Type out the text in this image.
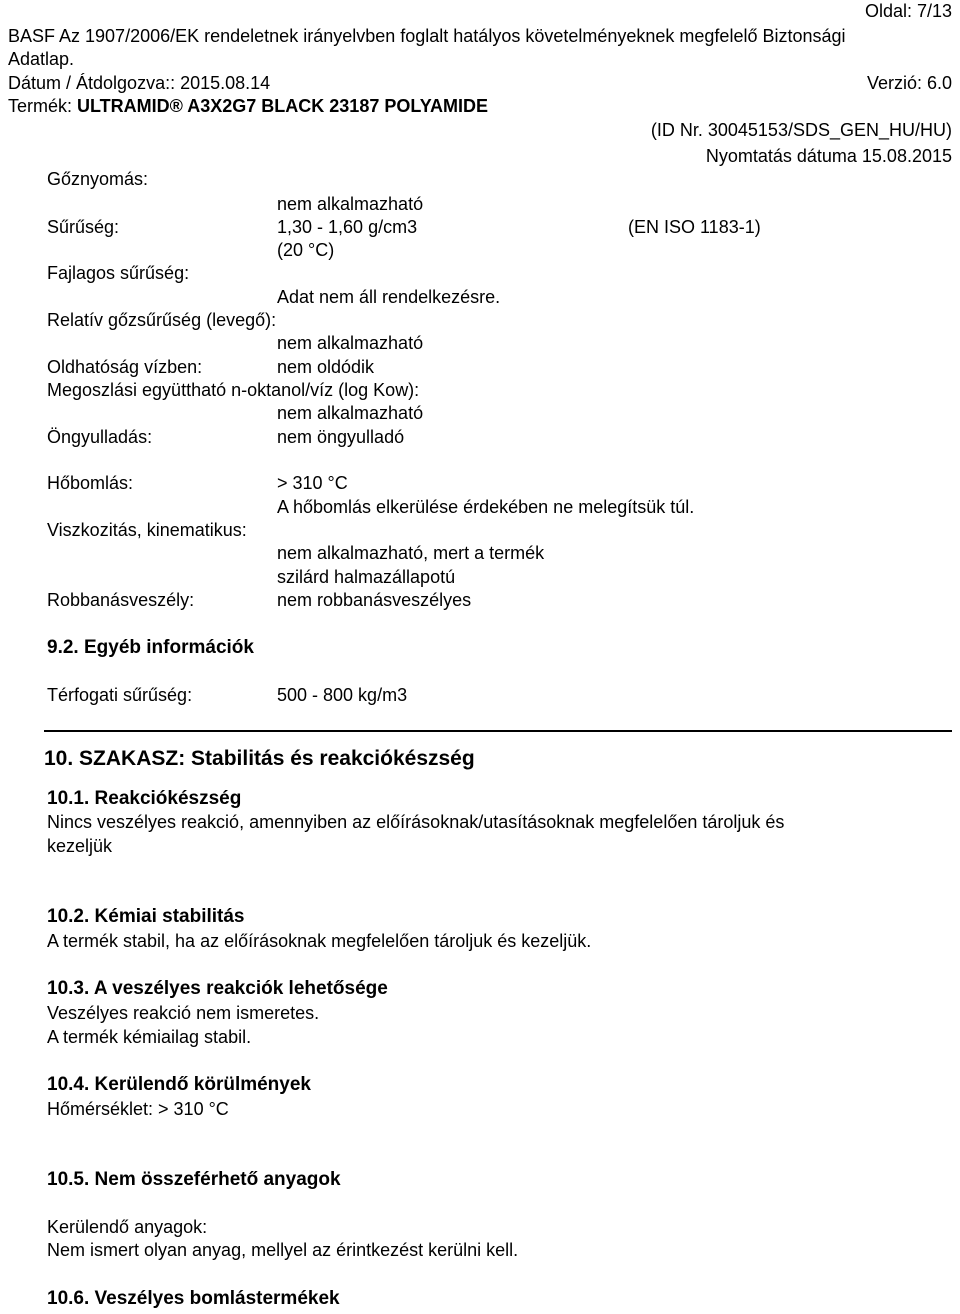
Oldal: 7/13
BASF Az 1907/2006/EK rendeletnek irányelvben foglalt hatályos követelményeknek megfelelő Biztonsági
Adatlap.
Dátum / Átdolgozva:: 2015.08.14	Verzió: 6.0
Termék: ULTRAMID® A3X2G7 BLACK 23187 POLYAMIDE
(ID Nr. 30045153/SDS_GEN_HU/HU)
Nyomtatás dátuma 15.08.2015
Gőznyomás:
nem alkalmazható
Sűrűség:	1,30 - 1,60 g/cm3	(EN ISO 1183-1)
(20 °C)
Fajlagos sűrűség:
Adat nem áll rendelkezésre.
Relatív gőzsűrűség (levegő):
nem alkalmazható
Oldhatóság vízben:	nem oldódik
Megoszlási együttható n-oktanol/víz (log Kow):
nem alkalmazható
Öngyulladás:	nem öngyulladó
Hőbomlás:	> 310 °C
A hőbomlás elkerülése érdekében ne melegítsük túl.
Viszkozitás, kinematikus:
nem alkalmazható, mert a termék
szilárd halmazállapotú
Robbanásveszély:	nem robbanásveszélyes
9.2. Egyéb információk
Térfogati sűrűség:	500 - 800 kg/m3
10. SZAKASZ: Stabilitás és reakciókészség
10.1. Reakciókészség
Nincs veszélyes reakció, amennyiben az előírásoknak/utasításoknak megfelelően tároljuk és
kezeljük
10.2. Kémiai stabilitás
A termék stabil, ha az előírásoknak megfelelően tároljuk és kezeljük.
10.3. A veszélyes reakciók lehetősége
Veszélyes reakció nem ismeretes.
A termék kémiailag stabil.
10.4. Kerülendő körülmények
Hőmérséklet: > 310 °C
10.5. Nem összeférhető anyagok
Kerülendő anyagok:
Nem ismert olyan anyag, mellyel az érintkezést kerülni kell.
10.6. Veszélyes bomlástermékek
